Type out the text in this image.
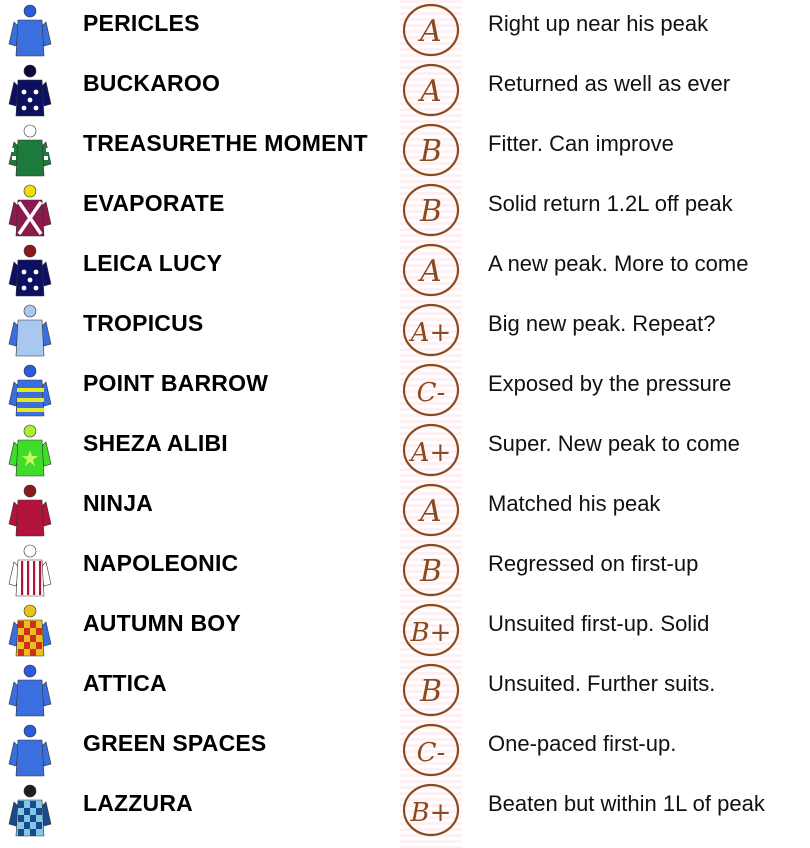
PERICLES	A Right up near his peak
BUCKAROO	A Returned as well as ever
TREASURETHE MOMENT B Fitter. Can improve
EVAPORATE	B Solid return 1.2L off peak
LEICA LUCY	A A new peak. More to come
TROPICUS	A+ Big new peak. Repeat?
POINT BARROW	C- Exposed by the pressure
SHEZA ALIBI	A+ Super. New peak to come
NINJA	A Matched his peak
NAPOLEONIC	B Regressed on first-up
AUTUMN BOY	B+ Unsuited first-up. Solid
ATTICA	B Unsuited. Further suits.
GREEN SPACES	C- One-paced first-up.
LAZZURA	B+ Beaten but within 1L of peak
